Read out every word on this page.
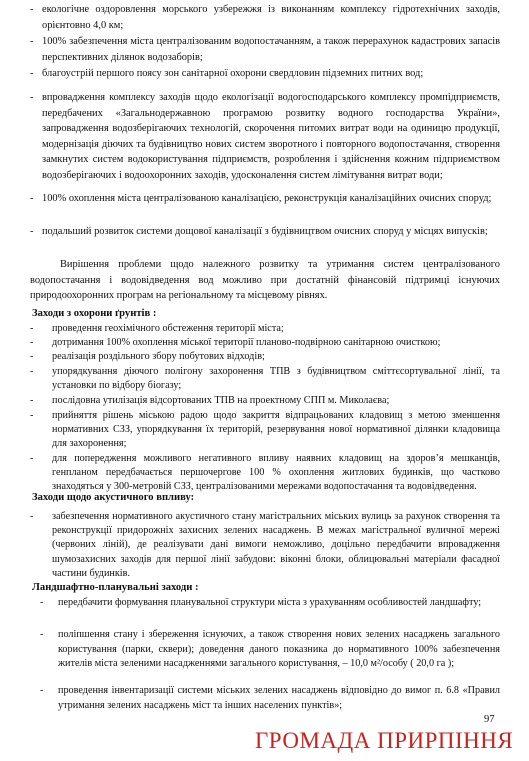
- екологічне оздоровлення морського узбережжя із виконанням комплексу гідротехнічних заходів, орієнтовно 4,0 км;
- 100% забезпечення міста централізованим водопостачанням, а також перерахунок кадастрових запасів перспективних ділянок водозаборів;
- благоустрій першого поясу зон санітарної охорони свердловин підземних питних вод;
- впровадження комплексу заходів щодо екологізації водогосподарського комплексу промпідприємств, передбачених «Загальнодержавною програмою розвитку водного господарства України», запровадження водозберігаючих технологій, скорочення питомих витрат води на одиницю продукції, модернізація діючих та будівництво нових систем зворотного і повторного водопостачання, створення замкнутих систем водокористування підприємств, розроблення і здійснення кожним підприємством водозберігаючих і водоохоронних заходів, удосконалення систем лімітування витрат води;
- 100% охоплення міста централізованою каналізацією, реконструкція каналізаційних очисних споруд;
- подальший розвиток системи дощової каналізації з будівництвом очисних споруд у місцях випусків;
Вирішення проблеми щодо належного розвитку та утримання систем централізованого водопостачання і водовідведення вод можливо при достатній фінансовій підтримці існуючих природоохоронних програм на регіональному та місцевому рівнях.
Заходи з охорони ґрунтів :
- проведення геохімічного обстеження території міста;
- дотримання 100% охоплення міської території планово-подвірною санітарною очисткою;
- реалізація роздільного збору побутових відходів;
- упорядкування діючого полігону захоронення ТПВ з будівництвом сміттєсортувальної лінії, та установки по відбору біогазу;
- послідовна утилізація відсортованих ТПВ на проектному СПП м. Миколаєва;
- прийняття рішень міською радою щодо закриття відпрацьованих кладовищ з метою зменшення нормативних СЗЗ, упорядкування їх територій, резервування нової нормативної ділянки кладовища для захоронення;
- для попередження можливого негативного впливу наявних кладовищ на здоров’я мешканців, генпланом передбачається першочергове 100 % охоплення житлових будинків, що частково знаходяться у 300-метровій СЗЗ, централізованими мережами водопостачання та водовідведення.
Заходи щодо акустичного впливу:
- забезпечення нормативного акустичного стану магістральних міських вулиць за рахунок створення та реконструкції придорожніх захисних зелених насаджень. В межах магістральної вуличної мережі (червоних ліній), де реалізувати дані вимоги неможливо, доцільно передбачити впровадження шумозахисних заходів для першої лінії забудови: віконні блоки, облицювальні матеріали фасадної частини будинків.
Ландшафтно-планувальні заходи :
- передбачити формування планувальної структури міста з урахуванням особливостей ландшафту;
- поліпшення стану і збереження існуючих, а також створення нових зелених насаджень загального користування (парки, сквери); доведення даного показника до нормативного 100% забезпечення жителів міста зеленими насадженнями загального користування, – 10,0 м²/особу ( 20,0 га );
- проведення інвентаризації системи міських зелених насаджень відповідно до вимог п. 6.8 «Правил утримання зелених насаджень міст та інших населених пунктів»;
97
ГРОМАДА ПРИРПІННЯ
